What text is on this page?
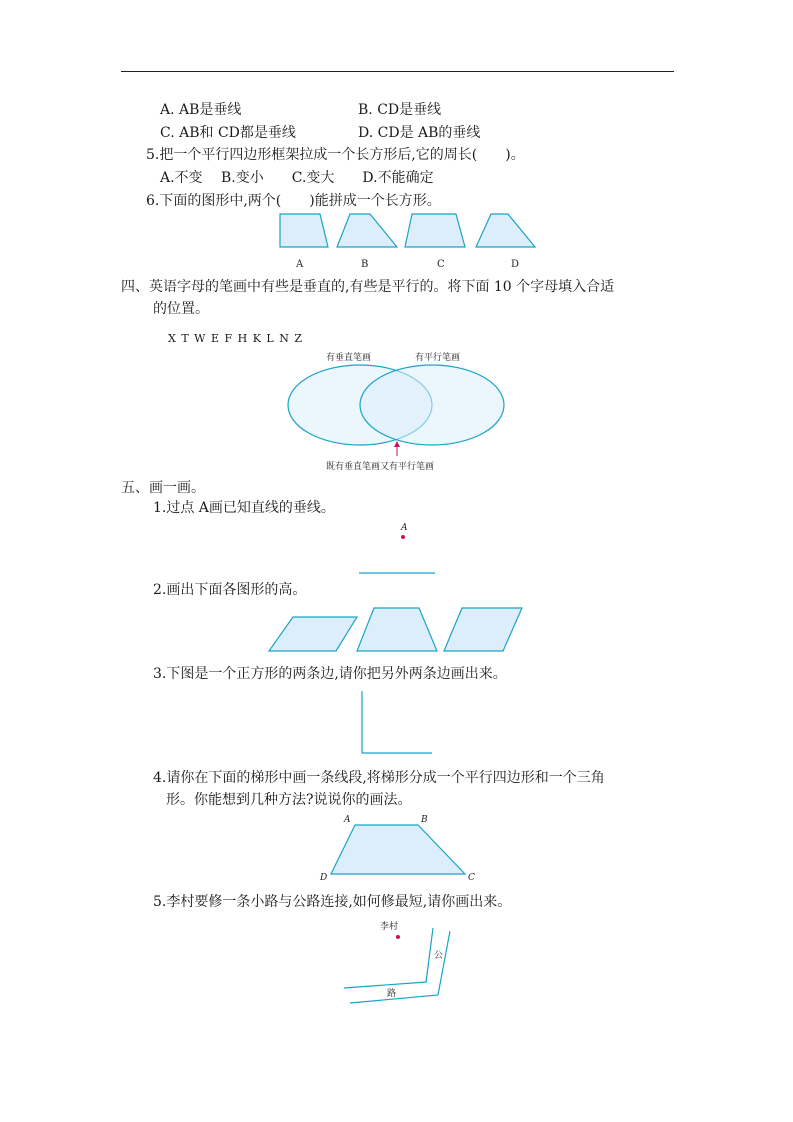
A. AB是垂线	B. CD是垂线
C. AB和 CD都是垂线	D. CD是 AB的垂线
5.把一个平行四边形框架拉成一个长方形后,它的周长(　　)。
A.不变　 B.变小　　C.变大　　D.不能确定
6.下面的图形中,两个(　　)能拼成一个长方形。
四、英语字母的笔画中有些是垂直的,有些是平行的。将下面 10 个字母填入合适
的位置。
X T W E F H K L N Z
五、画一画。
1.过点 A画已知直线的垂线。
2.画出下面各图形的高。
3.下图是一个正方形的两条边,请你把另外两条边画出来。
4.请你在下面的梯形中画一条线段,将梯形分成一个平行四边形和一个三角
形。你能想到几种方法?说说你的画法。
5.李村要修一条小路与公路连接,如何修最短,请你画出来。
A	B	C	D
有垂直笔画	有平行笔画
既有垂直笔画又有平行笔画
A
A	B
C
D
李村
公
路
